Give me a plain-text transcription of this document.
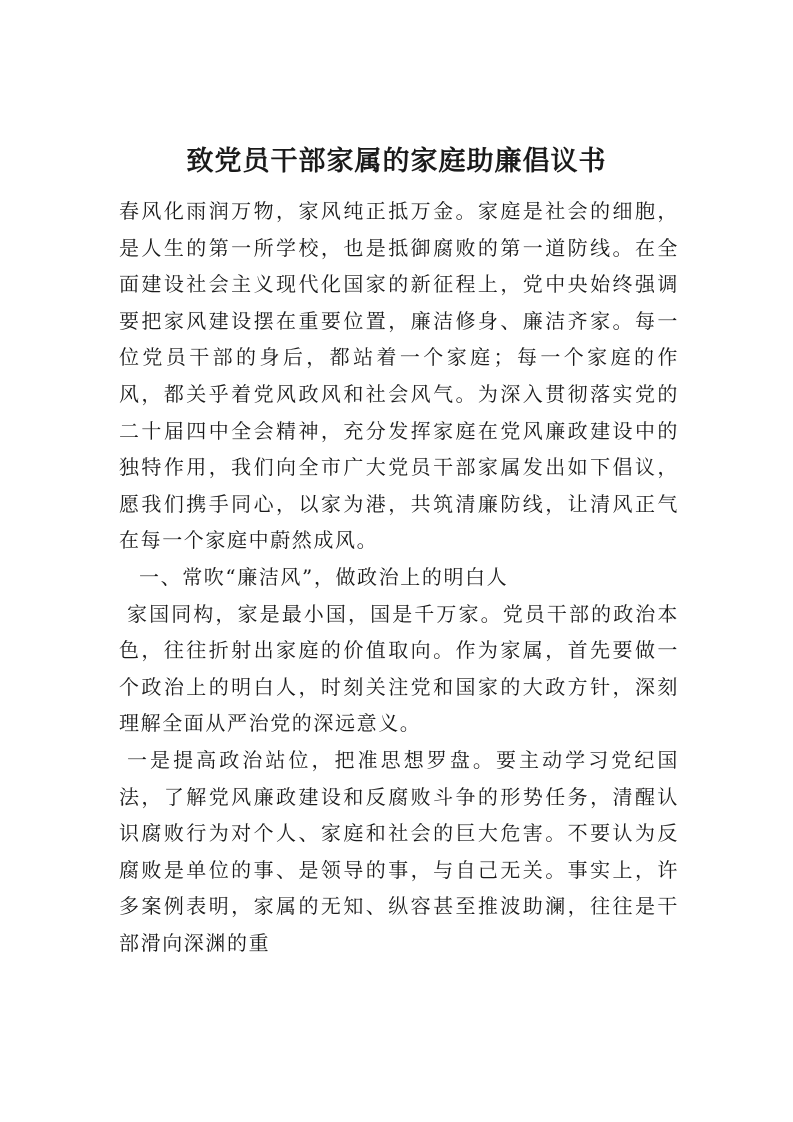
致党员干部家属的家庭助廉倡议书

春风化雨润万物，家风纯正抵万金。家庭是社会的细胞，是人生的第一所学校，也是抵御腐败的第一道防线。在全面建设社会主义现代化国家的新征程上，党中央始终强调要把家风建设摆在重要位置，廉洁修身、廉洁齐家。每一位党员干部的身后，都站着一个家庭；每一个家庭的作风，都关乎着党风政风和社会风气。为深入贯彻落实党的二十届四中全会精神，充分发挥家庭在党风廉政建设中的独特作用，我们向全市广大党员干部家属发出如下倡议，愿我们携手同心，以家为港，共筑清廉防线，让清风正气在每一个家庭中蔚然成风。

一、常吹“廉洁风”，做政治上的明白人

家国同构，家是最小国，国是千万家。党员干部的政治本色，往往折射出家庭的价值取向。作为家属，首先要做一个政治上的明白人，时刻关注党和国家的大政方针，深刻理解全面从严治党的深远意义。

一是提高政治站位，把准思想罗盘。要主动学习党纪国法，了解党风廉政建设和反腐败斗争的形势任务，清醒认识腐败行为对个人、家庭和社会的巨大危害。不要认为反腐败是单位的事、是领导的事，与自己无关。事实上，许多案例表明，家属的无知、纵容甚至推波助澜，往往是干部滑向深渊的重
